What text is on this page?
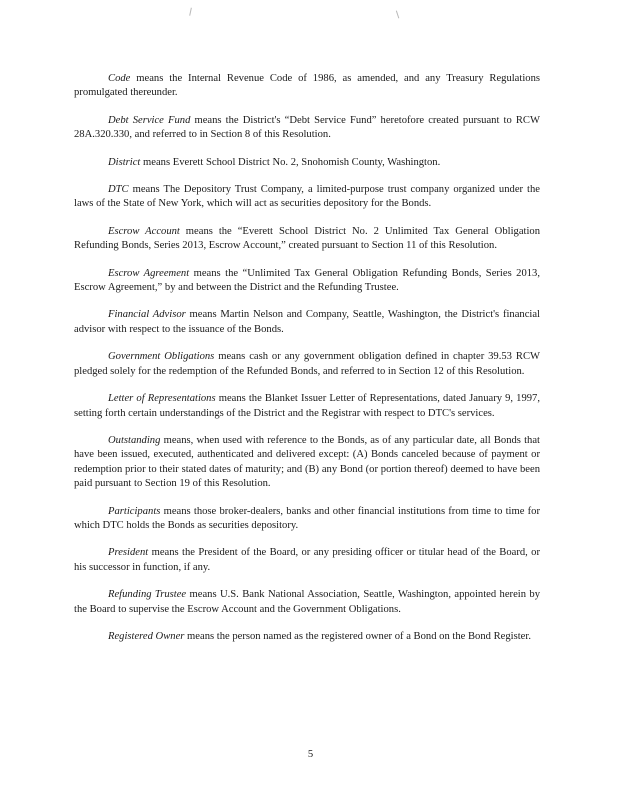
Code means the Internal Revenue Code of 1986, as amended, and any Treasury Regulations promulgated thereunder.

Debt Service Fund means the District's “Debt Service Fund” heretofore created pursuant to RCW 28A.320.330, and referred to in Section 8 of this Resolution.

District means Everett School District No. 2, Snohomish County, Washington.

DTC means The Depository Trust Company, a limited-purpose trust company organized under the laws of the State of New York, which will act as securities depository for the Bonds.

Escrow Account means the “Everett School District No. 2 Unlimited Tax General Obligation Refunding Bonds, Series 2013, Escrow Account,” created pursuant to Section 11 of this Resolution.

Escrow Agreement means the “Unlimited Tax General Obligation Refunding Bonds, Series 2013, Escrow Agreement,” by and between the District and the Refunding Trustee.

Financial Advisor means Martin Nelson and Company, Seattle, Washington, the District's financial advisor with respect to the issuance of the Bonds.

Government Obligations means cash or any government obligation defined in chapter 39.53 RCW pledged solely for the redemption of the Refunded Bonds, and referred to in Section 12 of this Resolution.

Letter of Representations means the Blanket Issuer Letter of Representations, dated January 9, 1997, setting forth certain understandings of the District and the Registrar with respect to DTC's services.

Outstanding means, when used with reference to the Bonds, as of any particular date, all Bonds that have been issued, executed, authenticated and delivered except: (A) Bonds canceled because of payment or redemption prior to their stated dates of maturity; and (B) any Bond (or portion thereof) deemed to have been paid pursuant to Section 19 of this Resolution.

Participants means those broker-dealers, banks and other financial institutions from time to time for which DTC holds the Bonds as securities depository.

President means the President of the Board, or any presiding officer or titular head of the Board, or his successor in function, if any.

Refunding Trustee means U.S. Bank National Association, Seattle, Washington, appointed herein by the Board to supervise the Escrow Account and the Government Obligations.

Registered Owner means the person named as the registered owner of a Bond on the Bond Register.

5
